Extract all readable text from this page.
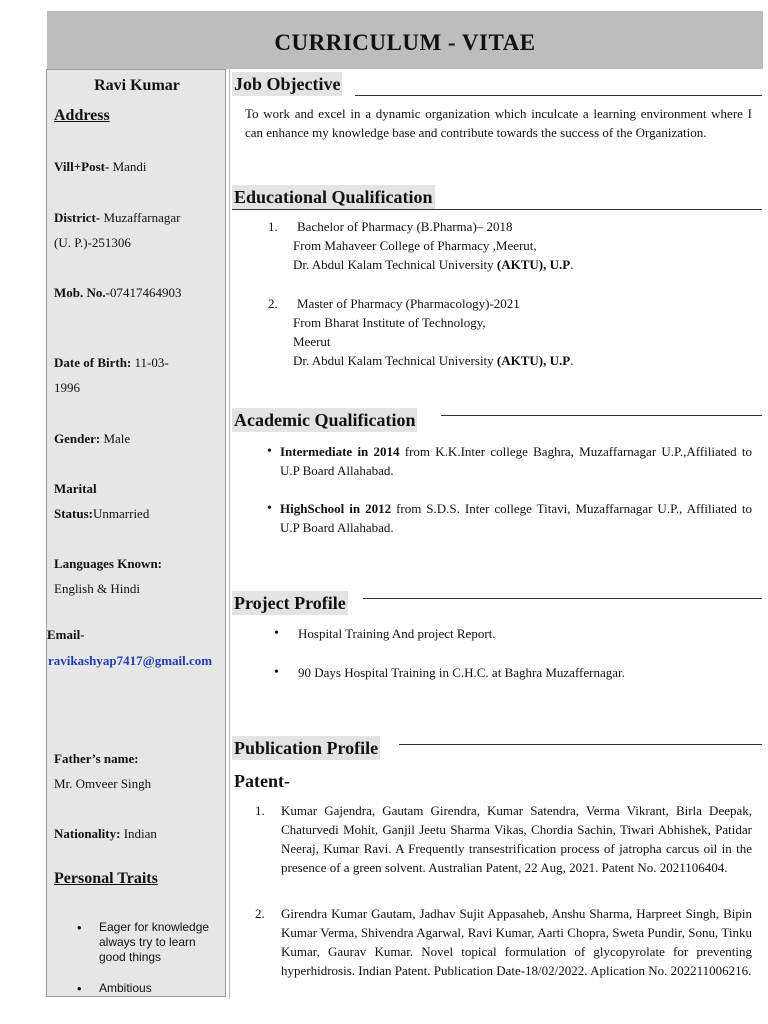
CURRICULUM - VITAE
Ravi Kumar
Address
Vill+Post- Mandi
District- Muzaffarnagar
(U. P.)-251306
Mob. No.-07417464903
Date of Birth: 11-03-
1996
Gender: Male
Marital
Status:Unmarried
Languages Known:
English & Hindi
Email-
ravikashyap7417@gmail.com
Father’s name:
Mr. Omveer Singh
Nationality: Indian
Personal Traits
• Eager for knowledge always try to learn good things
• Ambitious
Job Objective
To work and excel in a dynamic organization which inculcate a learning environment where I can enhance my knowledge base and contribute towards the success of the Organization.
Educational Qualification
1. Bachelor of Pharmacy (B.Pharma)– 2018
From Mahaveer College of Pharmacy ,Meerut,
Dr. Abdul Kalam Technical University (AKTU), U.P.
2. Master of Pharmacy (Pharmacology)-2021
From Bharat Institute of Technology,
Meerut
Dr. Abdul Kalam Technical University (AKTU), U.P.
Academic Qualification
• Intermediate in 2014 from K.K.Inter college Baghra, Muzaffarnagar U.P.,Affiliated to U.P Board Allahabad.
• HighSchool in 2012 from S.D.S. Inter college Titavi, Muzaffarnagar U.P., Affiliated to U.P Board Allahabad.
Project Profile
• Hospital Training And project Report.
• 90 Days Hospital Training in C.H.C. at Baghra Muzaffernagar.
Publication Profile
Patent-
1. Kumar Gajendra, Gautam Girendra, Kumar Satendra, Verma Vikrant, Birla Deepak, Chaturvedi Mohit, Ganjil Jeetu Sharma Vikas, Chordia Sachin, Tiwari Abhishek, Patidar Neeraj, Kumar Ravi. A Frequently transestrification process of jatropha carcus oil in the presence of a green solvent. Australian Patent, 22 Aug, 2021. Patent No. 2021106404.
2. Girendra Kumar Gautam, Jadhav Sujit Appasaheb, Anshu Sharma, Harpreet Singh, Bipin Kumar Verma, Shivendra Agarwal, Ravi Kumar, Aarti Chopra, Sweta Pundir, Sonu, Tinku Kumar, Gaurav Kumar. Novel topical formulation of glycopyrolate for preventing hyperhidrosis. Indian Patent. Publication Date-18/02/2022. Aplication No. 202211006216.
